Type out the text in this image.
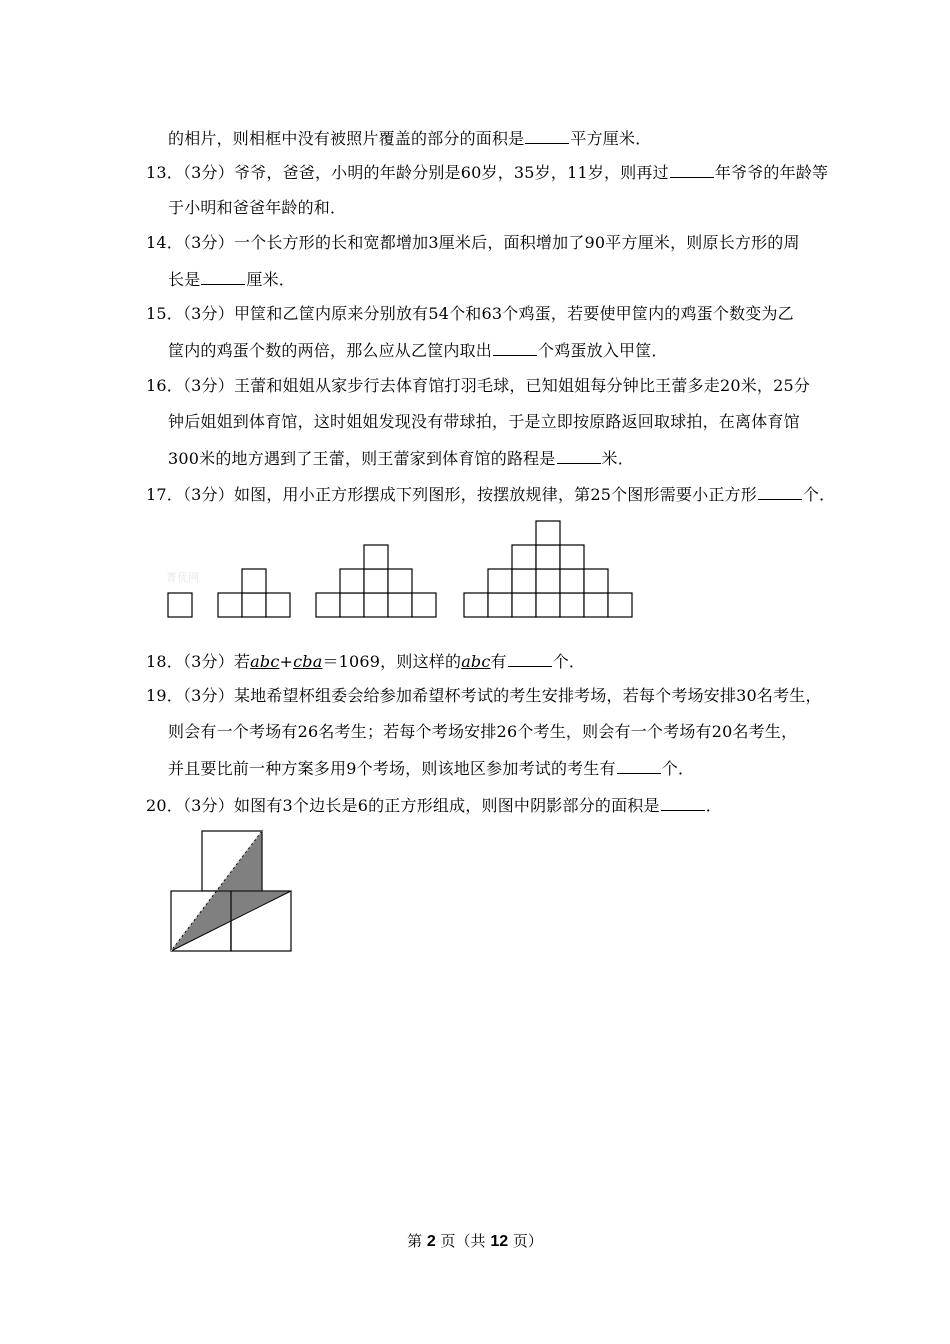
的相片，则相框中没有被照片覆盖的部分的面积是	平方厘米．
13．（3分）爷爷，爸爸，小明的年龄分别是60岁，35岁，11岁，则再过	年爷爷的年龄等
于小明和爸爸年龄的和．
14．（3分）一个长方形的长和宽都增加3厘米后，面积增加了90平方厘米，则原长方形的周
长是	厘米．
15．（3分）甲筐和乙筐内原来分别放有54个和63个鸡蛋，若要使甲筐内的鸡蛋个数变为乙
筐内的鸡蛋个数的两倍，那么应从乙筐内取出	个鸡蛋放入甲筐．
16．（3分）王蕾和姐姐从家步行去体育馆打羽毛球，已知姐姐每分钟比王蕾多走20米，25分
钟后姐姐到体育馆，这时姐姐发现没有带球拍，于是立即按原路返回取球拍，在离体育馆
300米的地方遇到了王蕾，则王蕾家到体育馆的路程是	米．
17．（3分）如图，用小正方形摆成下列图形，按摆放规律，第25个图形需要小正方形	个．
菁优网
18．（3分）若abc+cba＝1069，则这样的abc有	个．
19．（3分）某地希望杯组委会给参加希望杯考试的考生安排考场，若每个考场安排30名考生，
则会有一个考场有26名考生；若每个考场安排26个考生，则会有一个考场有20名考生，
并且要比前一种方案多用9个考场，则该地区参加考试的考生有	个．
20．（3分）如图有3个边长是6的正方形组成，则图中阴影部分的面积是	．
第 2 页（共 12 页）
